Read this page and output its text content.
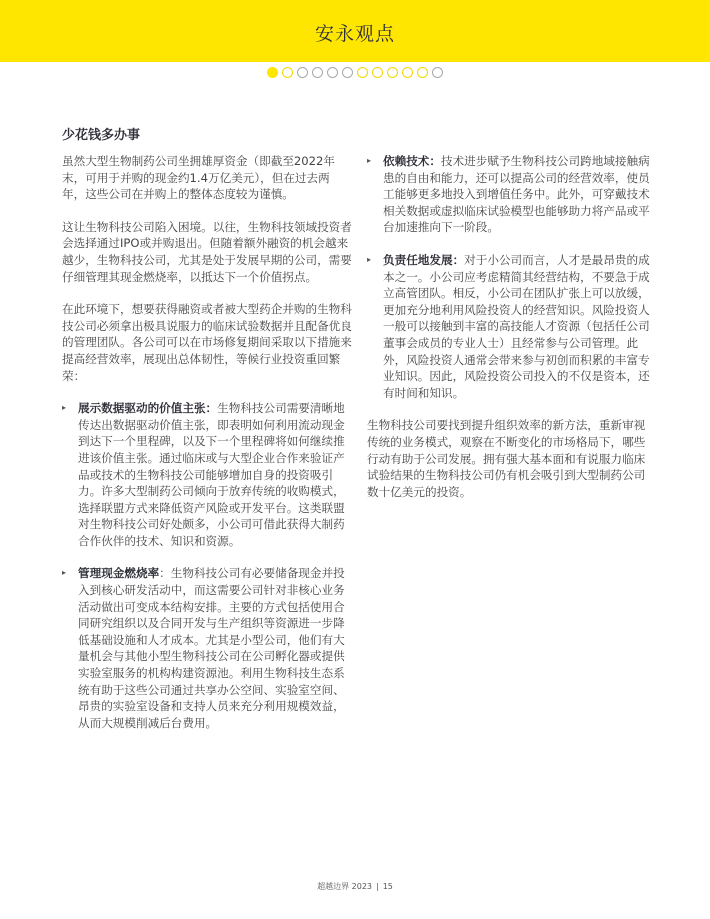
安永观点
少花钱多办事

虽然大型生物制药公司坐拥雄厚资金（即截至2022年末，可用于并购的现金约1.4万亿美元），但在过去两年，这些公司在并购上的整体态度较为谨慎。

这让生物科技公司陷入困境。以往，生物科技领域投资者会选择通过IPO或并购退出。但随着额外融资的机会越来越少，生物科技公司，尤其是处于发展早期的公司，需要仔细管理其现金燃烧率，以抵达下一个价值拐点。

在此环境下，想要获得融资或者被大型药企并购的生物科技公司必须拿出极具说服力的临床试验数据并且配备优良的管理团队。各公司可以在市场修复期间采取以下措施来提高经营效率，展现出总体韧性，等候行业投资重回繁荣：

▸ 展示数据驱动的价值主张：生物科技公司需要清晰地传达出数据驱动价值主张，即表明如何利用流动现金到达下一个里程碑，以及下一个里程碑将如何继续推进该价值主张。通过临床或与大型企业合作来验证产品或技术的生物科技公司能够增加自身的投资吸引力。许多大型制药公司倾向于放弃传统的收购模式，选择联盟方式来降低资产风险或开发平台。这类联盟对生物科技公司好处颇多，小公司可借此获得大制药合作伙伴的技术、知识和资源。
▸ 管理现金燃烧率：生物科技公司有必要储备现金并投入到核心研发活动中，而这需要公司针对非核心业务活动做出可变成本结构安排。主要的方式包括使用合同研究组织以及合同开发与生产组织等资源进一步降低基础设施和人才成本。尤其是小型公司，他们有大量机会与其他小型生物科技公司在公司孵化器或提供实验室服务的机构构建资源池。利用生物科技生态系统有助于这些公司通过共享办公空间、实验室空间、昂贵的实验室设备和支持人员来充分利用规模效益，从而大规模削减后台费用。
▸ 依赖技术：技术进步赋予生物科技公司跨地域接触病患的自由和能力，还可以提高公司的经营效率，使员工能够更多地投入到增值任务中。此外，可穿戴技术相关数据或虚拟临床试验模型也能够助力将产品或平台加速推向下一阶段。
▸ 负责任地发展：对于小公司而言，人才是最昂贵的成本之一。小公司应考虑精简其经营结构，不要急于成立高管团队。相反，小公司在团队扩张上可以放缓，更加充分地利用风险投资人的经营知识。风险投资人一般可以接触到丰富的高技能人才资源（包括任公司董事会成员的专业人士）且经常参与公司管理。此外，风险投资人通常会带来参与初创而积累的丰富专业知识。因此，风险投资公司投入的不仅是资本，还有时间和知识。

生物科技公司要找到提升组织效率的新方法，重新审视传统的业务模式，观察在不断变化的市场格局下，哪些行动有助于公司发展。拥有强大基本面和有说服力临床试验结果的生物科技公司仍有机会吸引到大型制药公司数十亿美元的投资。

超越边界 2023 | 15
